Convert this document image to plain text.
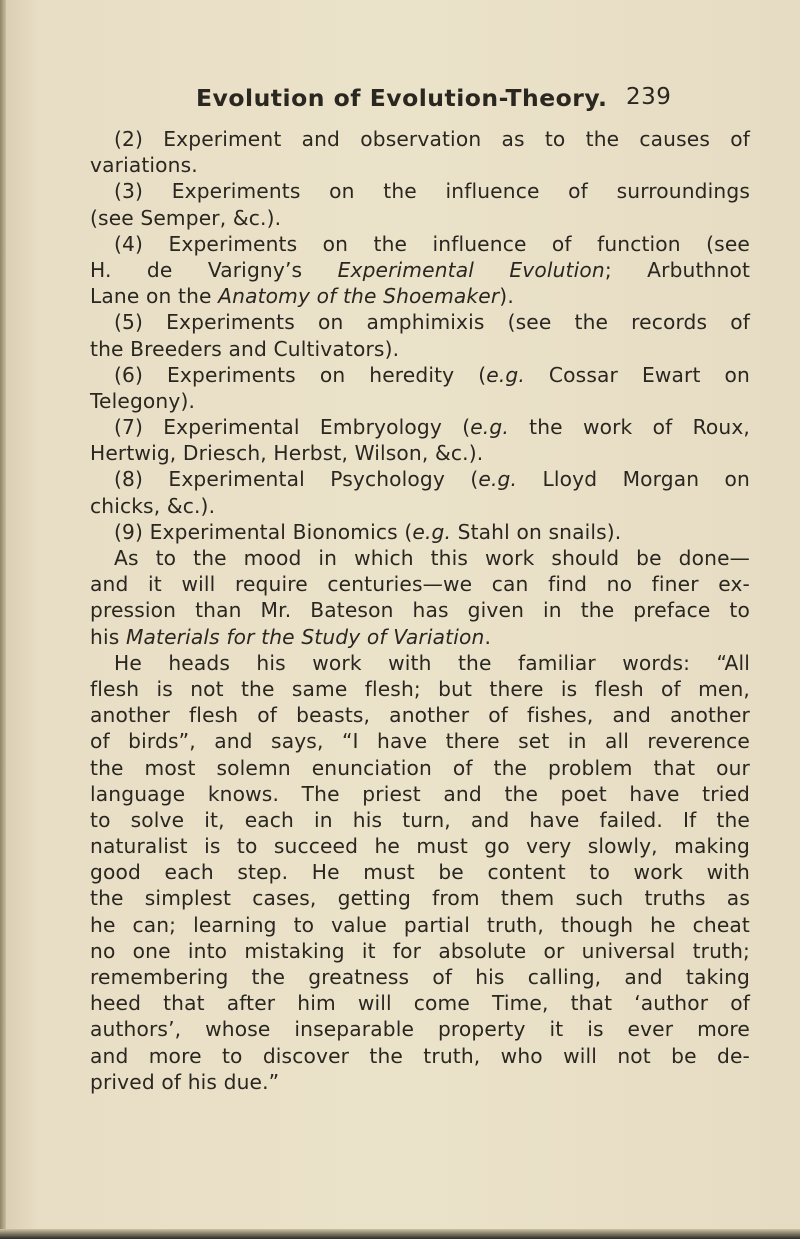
Evolution of Evolution-Theory. 239
(2) Experiment and observation as to the causes of
variations.
(3) Experiments on the influence of surroundings
(see Semper, &c.).
(4) Experiments on the influence of function (see
H. de Varigny’s Experimental Evolution; Arbuthnot
Lane on the Anatomy of the Shoemaker).
(5) Experiments on amphimixis (see the records of
the Breeders and Cultivators).
(6) Experiments on heredity (e.g. Cossar Ewart on
Telegony).
(7) Experimental Embryology (e.g. the work of Roux,
Hertwig, Driesch, Herbst, Wilson, &c.).
(8) Experimental Psychology (e.g. Lloyd Morgan on
chicks, &c.).
(9) Experimental Bionomics (e.g. Stahl on snails).
As to the mood in which this work should be done—
and it will require centuries—we can find no finer ex-
pression than Mr. Bateson has given in the preface to
his Materials for the Study of Variation.
He heads his work with the familiar words: “All
flesh is not the same flesh; but there is flesh of men,
another flesh of beasts, another of fishes, and another
of birds”, and says, “I have there set in all reverence
the most solemn enunciation of the problem that our
language knows. The priest and the poet have tried
to solve it, each in his turn, and have failed. If the
naturalist is to succeed he must go very slowly, making
good each step. He must be content to work with
the simplest cases, getting from them such truths as
he can; learning to value partial truth, though he cheat
no one into mistaking it for absolute or universal truth;
remembering the greatness of his calling, and taking
heed that after him will come Time, that ‘author of
authors’, whose inseparable property it is ever more
and more to discover the truth, who will not be de-
prived of his due.”
